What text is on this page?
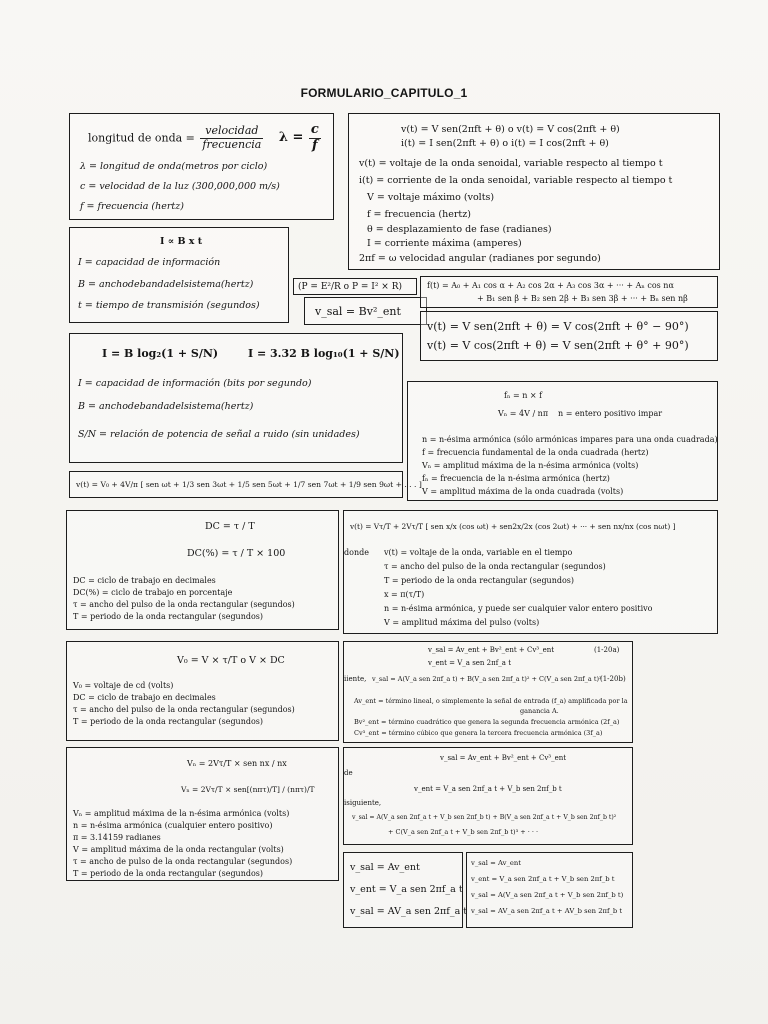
FORMULARIO_CAPITULO_1
longitud de onda = $\frac{\text{velocidad}}{\text{frecuencia}}$ $\lambda = \frac{c}{f}$
λ = longitud de onda(metros por ciclo)
c = velocidad de la luz (300,000,000 m/s)
f = frecuencia (hertz)
v(t) = V sen(2πft + θ) o v(t) = V cos(2πft + θ)
i(t) = I sen(2πft + θ) o i(t) = I cos(2πft + θ)
v(t) = voltaje de la onda senoidal, variable respecto al tiempo t
i(t) = corriente de la onda senoidal, variable respecto al tiempo t
V = voltaje máximo (volts)
f = frecuencia (hertz)
θ = desplazamiento de fase (radianes)
I = corriente máxima (amperes)
2πf = ω velocidad angular (radianes por segundo)
I ∝ B x t
I = capacidad de información
B = anchodebandadelsistema(hertz)
t = tiempo de transmisión (segundos)
(P = E²/R o P = I² × R)
v_sal = Bv²_ent
f(t) = A₀ + A₁ cos α + A₂ cos 2α + A₃ cos 3α + ··· + Aₙ cos nα
+ B₁ sen β + B₂ sen 2β + B₃ sen 3β + ··· + Bₙ sen nβ
v(t) = V sen(2πft + θ) = V cos(2πft + θ° − 90°)
v(t) = V cos(2πft + θ) = V sen(2πft + θ° + 90°)
I = B log₂(1 + S/N)	I = 3.32 B log₁₀(1 + S/N)
I = capacidad de información (bits por segundo)
B = anchodebandadelsistema(hertz)
S/N = relación de potencia de señal a ruido (sin unidades)
fₙ = n × f
Vₙ = 4V / nπ n = entero positivo impar
n = n-ésima armónica (sólo armónicas impares para una onda cuadrada)
f = frecuencia fundamental de la onda cuadrada (hertz)
Vₙ = amplitud máxima de la n-ésima armónica (volts)
fₙ = frecuencia de la n-ésima armónica (hertz)
V = amplitud máxima de la onda cuadrada (volts)
v(t) = V₀ + 4V/π [ sen ωt + 1/3 sen 3ωt + 1/5 sen 5ωt + 1/7 sen 7ωt + 1/9 sen 9ωt + . . . ]
DC = τ / T
DC(%) = τ / T × 100
DC = ciclo de trabajo en decimales
DC(%) = ciclo de trabajo en porcentaje
τ = ancho del pulso de la onda rectangular (segundos)
T = periodo de la onda rectangular (segundos)
v(t) = Vτ/T + 2Vτ/T [ sen x/x (cos ωt) + sen2x/2x (cos 2ωt) + ··· + sen nx/nx (cos nωt) ]
donde v(t) = voltaje de la onda, variable en el tiempo
τ = ancho del pulso de la onda rectangular (segundos)
T = periodo de la onda rectangular (segundos)
x = π(τ/T)
n = n-ésima armónica, y puede ser cualquier valor entero positivo
V = amplitud máxima del pulso (volts)
V₀ = V × τ/T o V × DC
V₀ = voltaje de cd (volts)
DC = ciclo de trabajo en decimales
τ = ancho del pulso de la onda rectangular (segundos)
T = periodo de la onda rectangular (segundos)
v_sal = Av_ent + Bv²_ent + Cv³_ent	(1-20a)
v_ent = V_a sen 2πf_a t
iiente, v_sal = A(V_a sen 2πf_a t) + B(V_a sen 2πf_a t)² + C(V_a sen 2πf_a t)³
(1-20b)
Av_ent = término lineal, o simplemente la señal de entrada (f_a) amplificada por la
ganancia A.
Bv²_ent = término cuadrático que genera la segunda frecuencia armónica (2f_a)
Cv³_ent = término cúbico que genera la tercera frecuencia armónica (3f_a)
Vₙ = 2Vτ/T × sen nx / nx
Vₙ = 2Vτ/T × sen[(nπτ)/T] / (nπτ)/T
Vₙ = amplitud máxima de la n-ésima armónica (volts)
n = n-ésima armónica (cualquier entero positivo)
π = 3.14159 radianes
V = amplitud máxima de la onda rectangular (volts)
τ = ancho de pulso de la onda rectangular (segundos)
T = periodo de la onda rectangular (segundos)
v_sal = Av_ent + Bv²_ent + Cv³_ent
de
v_ent = V_a sen 2πf_a t + V_b sen 2πf_b t
isiguiente,
v_sal = A(V_a sen 2πf_a t + V_b sen 2πf_b t) + B(V_a sen 2πf_a t + V_b sen 2πf_b t)²
+ C(V_a sen 2πf_a t + V_b sen 2πf_b t)³ + · · ·
v_sal = Av_ent
v_ent = V_a sen 2πf_a t
v_sal = AV_a sen 2πf_a t
v_sal = Av_ent
v_ent = V_a sen 2πf_a t + V_b sen 2πf_b t
v_sal = A(V_a sen 2πf_a t + V_b sen 2πf_b t)
v_sal = AV_a sen 2πf_a t + AV_b sen 2πf_b t
